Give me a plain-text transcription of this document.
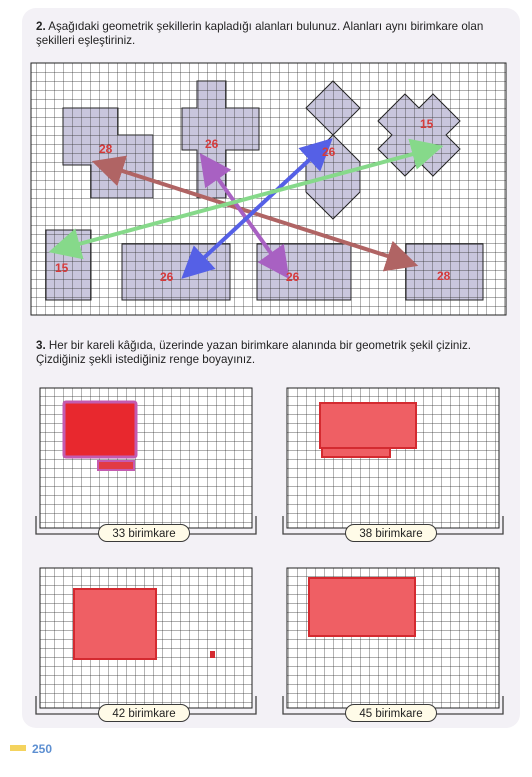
2. Aşağıdaki geometrik şekillerin kapladığı alanları bulunuz. Alanları aynı birimkare olan şekilleri eşleştiriniz.
28	26
26
15
15
26	26	28
3. Her bir kareli kâğıda, üzerinde yazan birimkare alanında bir geometrik şekil çiziniz. Çizdiğiniz şekli istediğiniz renge boyayınız.
33 birimkare	38 birimkare
42 birimkare	45 birimkare
250
